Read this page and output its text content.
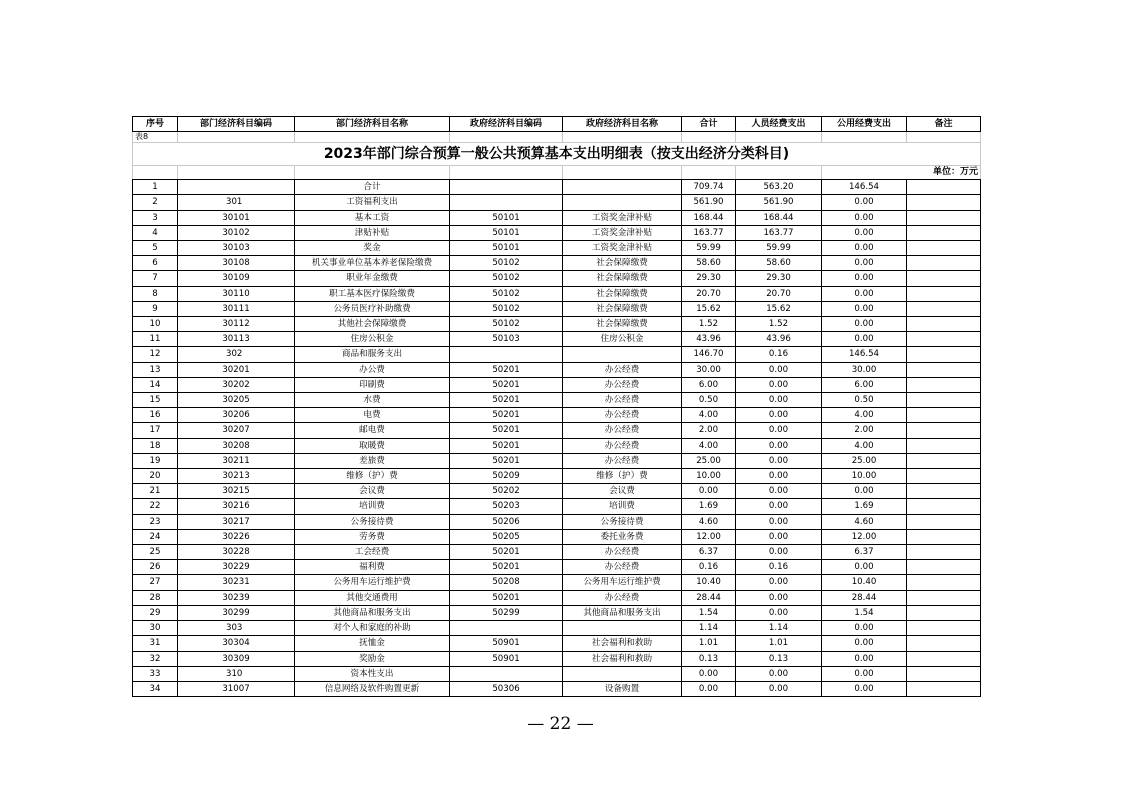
表8								
2023年部门综合预算一般公共预算基本支出明细表（按支出经济分类科目)								
							单位：万元	
序号	部门经济科目编码	部门经济科目名称	政府经济科目编码	政府经济科目名称	合计	人员经费支出	公用经费支出	备注
1		合计			709.74	563.20	146.54	
2	301	工资福利支出			561.90	561.90	0.00	
3	30101	基本工资	50101	工资奖金津补贴	168.44	168.44	0.00	
4	30102	津贴补贴	50101	工资奖金津补贴	163.77	163.77	0.00	
5	30103	奖金	50101	工资奖金津补贴	59.99	59.99	0.00	
6	30108	机关事业单位基本养老保险缴费	50102	社会保障缴费	58.60	58.60	0.00	
7	30109	职业年金缴费	50102	社会保障缴费	29.30	29.30	0.00	
8	30110	职工基本医疗保险缴费	50102	社会保障缴费	20.70	20.70	0.00	
9	30111	公务员医疗补助缴费	50102	社会保障缴费	15.62	15.62	0.00	
10	30112	其他社会保障缴费	50102	社会保障缴费	1.52	1.52	0.00	
11	30113	住房公积金	50103	住房公积金	43.96	43.96	0.00	
12	302	商品和服务支出			146.70	0.16	146.54	
13	30201	办公费	50201	办公经费	30.00	0.00	30.00	
14	30202	印刷费	50201	办公经费	6.00	0.00	6.00	
15	30205	水费	50201	办公经费	0.50	0.00	0.50	
16	30206	电费	50201	办公经费	4.00	0.00	4.00	
17	30207	邮电费	50201	办公经费	2.00	0.00	2.00	
18	30208	取暖费	50201	办公经费	4.00	0.00	4.00	
19	30211	差旅费	50201	办公经费	25.00	0.00	25.00	
20	30213	维修（护）费	50209	维修（护）费	10.00	0.00	10.00	
21	30215	会议费	50202	会议费	0.00	0.00	0.00	
22	30216	培训费	50203	培训费	1.69	0.00	1.69	
23	30217	公务接待费	50206	公务接待费	4.60	0.00	4.60	
24	30226	劳务费	50205	委托业务费	12.00	0.00	12.00	
25	30228	工会经费	50201	办公经费	6.37	0.00	6.37	
26	30229	福利费	50201	办公经费	0.16	0.16	0.00	
27	30231	公务用车运行维护费	50208	公务用车运行维护费	10.40	0.00	10.40	
28	30239	其他交通费用	50201	办公经费	28.44	0.00	28.44	
29	30299	其他商品和服务支出	50299	其他商品和服务支出	1.54	0.00	1.54	
30	303	对个人和家庭的补助			1.14	1.14	0.00	
31	30304	抚恤金	50901	社会福利和救助	1.01	1.01	0.00	
32	30309	奖励金	50901	社会福利和救助	0.13	0.13	0.00	
33	310	资本性支出			0.00	0.00	0.00	
34	31007	信息网络及软件购置更新	50306	设备购置	0.00	0.00	0.00	
— 22 —
